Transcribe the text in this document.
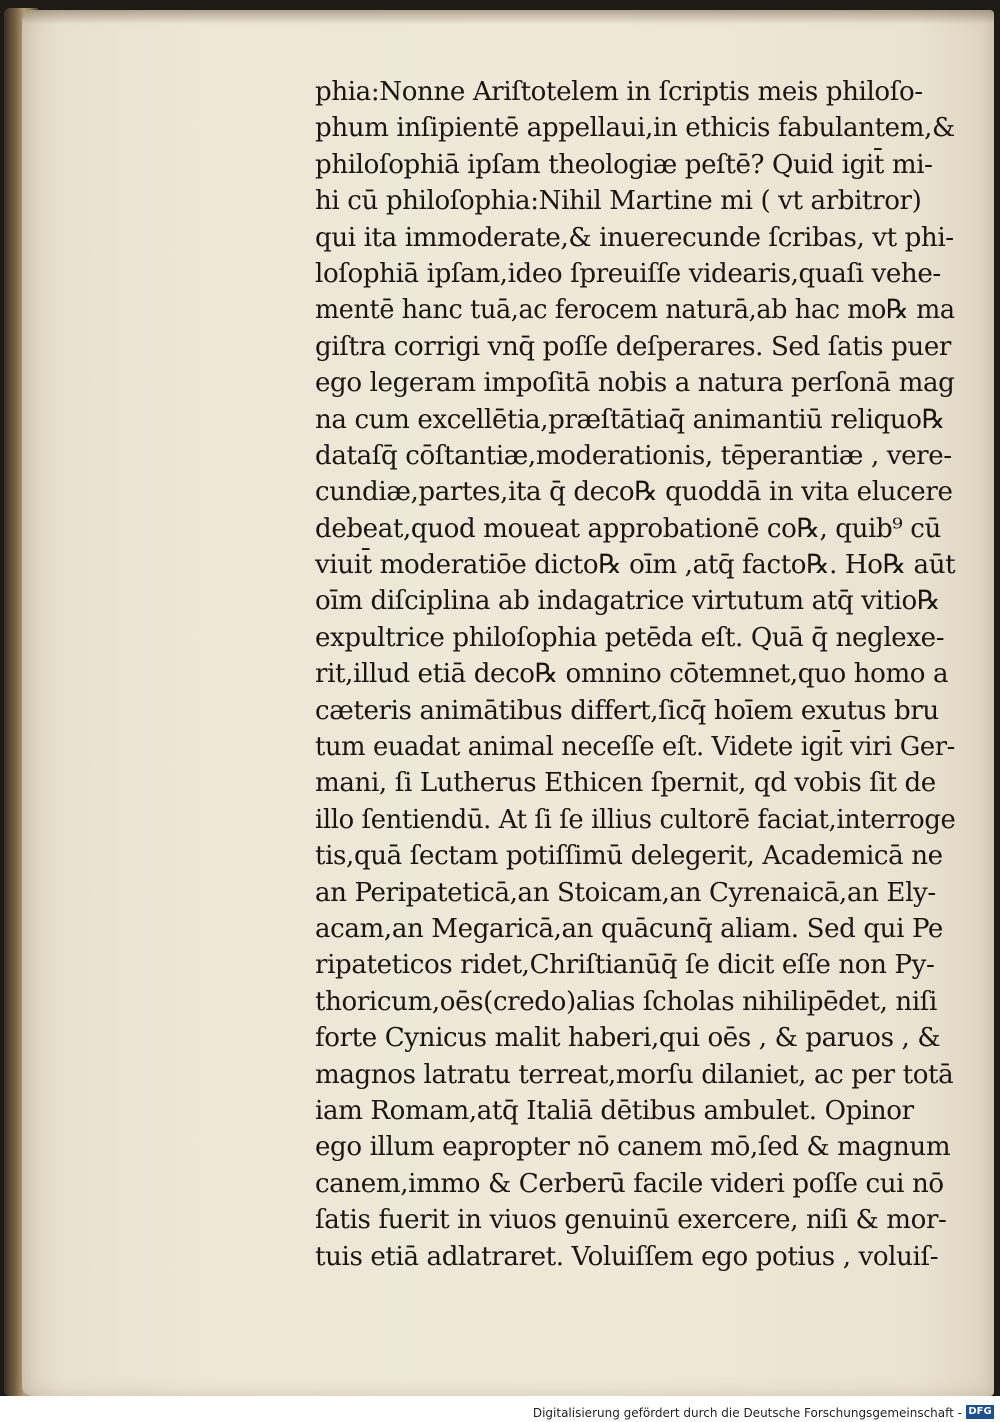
phia:Nonne Ariſtotelem in ſcriptis meis philoſo-
phum inſipientē appellaui,in ethicis fabulantem,&
philoſophiā ipſam theologiæ peſtē? Quid igit̄ mi-
hi cū philoſophia:Nihil Martine mi ( vt arbitror)
qui ita immoderate,& inuerecunde ſcribas, vt phi-
loſophiā ipſam,ideo ſpreuiſſe videaris,quaſi vehe-
mentē hanc tuā,ac ferocem naturā,ab hac mo℞ ma
giſtra corrigi vnq̄ poſſe deſperares. Sed ſatis puer
ego legeram impoſitā nobis a natura perſonā mag
na cum excellētia,præſtātiaq̄ animantiū reliquo℞
dataſq̄ cōſtantiæ,moderationis, tēperantiæ , vere-
cundiæ,partes,ita q̄ deco℞ quoddā in vita elucere
debeat,quod moueat approbationē co℞, quib⁹ cū
viuit̄ moderatiōe dicto℞ oīm ,atq̄ facto℞. Ho℞ aūt
oīm diſciplina ab indagatrice virtutum atq̄ vitio℞
expultrice philoſophia petēda eſt. Quā q̄ neglexe-
rit,illud etiā deco℞ omnino cōtemnet,quo homo a
cæteris animātibus differt,ſicq̄ hoīem exutus bru
tum euadat animal neceſſe eſt. Videte igit̄ viri Ger-
mani, ſi Lutherus Ethicen ſpernit, qd vobis ſit de
illo ſentiendū. At ſi ſe illius cultorē faciat,interroge
tis,quā ſectam potiſſimū delegerit, Academicā ne
an Peripateticā,an Stoicam,an Cyrenaicā,an Ely-
acam,an Megaricā,an quācunq̄ aliam. Sed qui Pe
ripateticos ridet,Chriſtianūq̄ ſe dicit eſſe non Py-
thoricum,oēs(credo)alias ſcholas nihilipēdet, niſi
forte Cynicus malit haberi,qui oēs , & paruos , &
magnos latratu terreat,morſu dilaniet, ac per totā
iam Romam,atq̄ Italiā dētibus ambulet. Opinor
ego illum eapropter nō canem mō,ſed & magnum
canem,immo & Cerberū facile videri poſſe cui nō
ſatis fuerit in viuos genuinū exercere, niſi & mor-
tuis etiā adlatraret. Voluiſſem ego potius , voluiſ-
Digitalisierung gefördert durch die Deutsche Forschungsgemeinschaft - DFG
